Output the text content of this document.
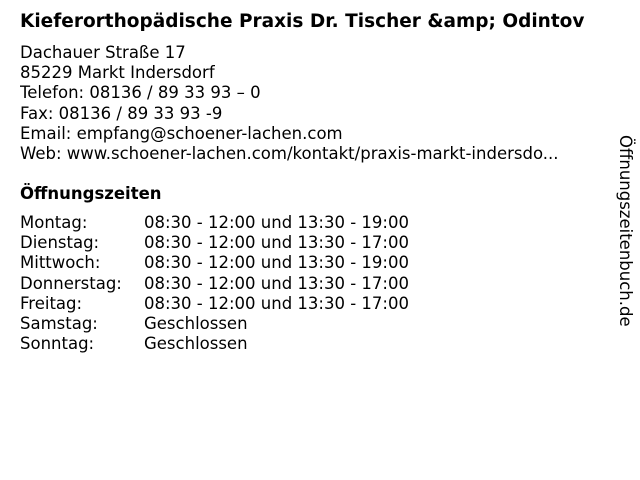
Kieferorthopädische Praxis Dr. Tischer &amp; Odintov
Dachauer Straße 17
85229 Markt Indersdorf
Telefon: 08136 / 89 33 93 – 0
Fax: 08136 / 89 33 93 -9
Email: empfang@schoener-lachen.com
Web: www.schoener-lachen.com/kontakt/praxis-markt-indersdo...
Öffnungszeiten
Montag:	08:30 - 12:00 und 13:30 - 19:00
Dienstag:	08:30 - 12:00 und 13:30 - 17:00
Mittwoch:	08:30 - 12:00 und 13:30 - 19:00
Donnerstag: 08:30 - 12:00 und 13:30 - 17:00
Freitag:	08:30 - 12:00 und 13:30 - 17:00
Samstag:	Geschlossen
Sonntag:	Geschlossen
Öffnungszeitenbuch.de
